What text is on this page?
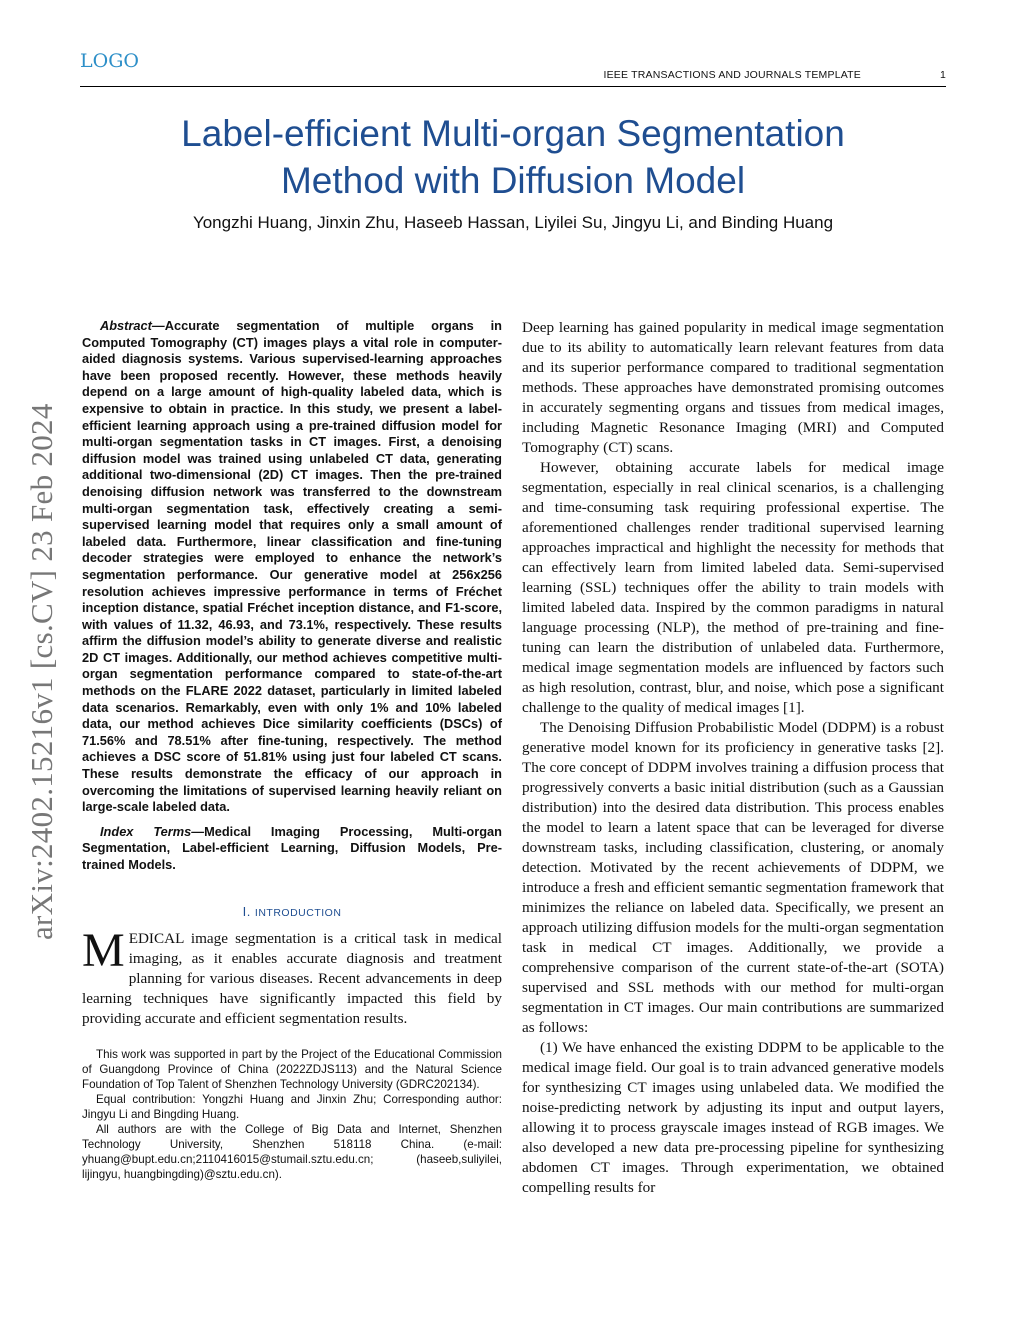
LOGO
IEEE TRANSACTIONS AND JOURNALS TEMPLATE	1
Label-efficient Multi-organ Segmentation
Method with Diffusion Model
Yongzhi Huang, Jinxin Zhu, Haseeb Hassan, Liyilei Su, Jingyu Li, and Binding Huang
arXiv:2402.15216v1 [cs.CV] 23 Feb 2024

Abstract—Accurate segmentation of multiple organs in Computed Tomography (CT) images plays a vital role in computer-aided diagnosis systems. Various supervised-learning approaches have been proposed recently. However, these methods heavily depend on a large amount of high-quality labeled data, which is expensive to obtain in practice. In this study, we present a label-efficient learning approach using a pre-trained diffusion model for multi-organ segmentation tasks in CT images. First, a denoising diffusion model was trained using unlabeled CT data, generating additional two-dimensional (2D) CT images. Then the pre-trained denoising diffusion network was transferred to the downstream multi-organ segmentation task, effectively creating a semi-supervised learning model that requires only a small amount of labeled data. Furthermore, linear classification and fine-tuning decoder strategies were employed to enhance the network’s segmentation performance. Our generative model at 256x256 resolution achieves impressive performance in terms of Fréchet inception distance, spatial Fréchet inception distance, and F1-score, with values of 11.32, 46.93, and 73.1%, respectively. These results affirm the diffusion model’s ability to generate diverse and realistic 2D CT images. Additionally, our method achieves competitive multi-organ segmentation performance compared to state-of-the-art methods on the FLARE 2022 dataset, particularly in limited labeled data scenarios. Remarkably, even with only 1% and 10% labeled data, our method achieves Dice similarity coefficients (DSCs) of 71.56% and 78.51% after fine-tuning, respectively. The method achieves a DSC score of 51.81% using just four labeled CT scans. These results demonstrate the efficacy of our approach in overcoming the limitations of supervised learning heavily reliant on large-scale labeled data.

Index Terms—Medical Imaging Processing, Multi-organ Segmentation, Label-efficient Learning, Diffusion Models, Pre-trained Models.

I. INTRODUCTION

MEDICAL image segmentation is a critical task in medical imaging, as it enables accurate diagnosis and treatment planning for various diseases. Recent advancements in deep learning techniques have significantly impacted this field by providing accurate and efficient segmentation results.

This work was supported in part by the Project of the Educational Commission of Guangdong Province of China (2022ZDJS113) and the Natural Science Foundation of Top Talent of Shenzhen Technology University (GDRC202134).

Equal contribution: Yongzhi Huang and Jinxin Zhu; Corresponding author: Jingyu Li and Bingding Huang.

All authors are with the College of Big Data and Internet, Shenzhen Technology University, Shenzhen 518118 China. (e-mail: yhuang@bupt.edu.cn;2110416015@stumail.sztu.edu.cn; (haseeb,suliyilei, lijingyu, huangbingding)@sztu.edu.cn).

Deep learning has gained popularity in medical image segmentation due to its ability to automatically learn relevant features from data and its superior performance compared to traditional segmentation methods. These approaches have demonstrated promising outcomes in accurately segmenting organs and tissues from medical images, including Magnetic Resonance Imaging (MRI) and Computed Tomography (CT) scans.

However, obtaining accurate labels for medical image segmentation, especially in real clinical scenarios, is a challenging and time-consuming task requiring professional expertise. The aforementioned challenges render traditional supervised learning approaches impractical and highlight the necessity for methods that can effectively learn from limited labeled data. Semi-supervised learning (SSL) techniques offer the ability to train models with limited labeled data. Inspired by the common paradigms in natural language processing (NLP), the method of pre-training and fine-tuning can learn the distribution of unlabeled data. Furthermore, medical image segmentation models are influenced by factors such as high resolution, contrast, blur, and noise, which pose a significant challenge to the quality of medical images [1].

The Denoising Diffusion Probabilistic Model (DDPM) is a robust generative model known for its proficiency in generative tasks [2]. The core concept of DDPM involves training a diffusion process that progressively converts a basic initial distribution (such as a Gaussian distribution) into the desired data distribution. This process enables the model to learn a latent space that can be leveraged for diverse downstream tasks, including classification, clustering, or anomaly detection. Motivated by the recent achievements of DDPM, we introduce a fresh and efficient semantic segmentation framework that minimizes the reliance on labeled data. Specifically, we present an approach utilizing diffusion models for the multi-organ segmentation task in medical CT images. Additionally, we provide a comprehensive comparison of the current state-of-the-art (SOTA) supervised and SSL methods with our method for multi-organ segmentation in CT images. Our main contributions are summarized as follows:

(1) We have enhanced the existing DDPM to be applicable to the medical image field. Our goal is to train advanced generative models for synthesizing CT images using unlabeled data. We modified the noise-predicting network by adjusting its input and output layers, allowing it to process grayscale images instead of RGB images. We also developed a new data pre-processing pipeline for synthesizing abdomen CT images. Through experimentation, we obtained compelling results for
